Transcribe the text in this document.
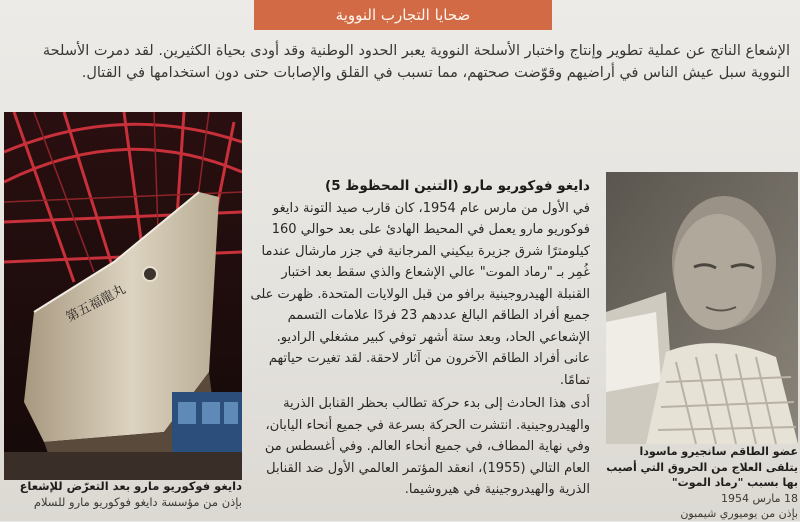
ضحايا التجارب النووية
الإشعاع الناتج عن عملية تطوير وإنتاج واختبار الأسلحة النووية يعبر الحدود الوطنية وقد أودى بحياة الكثيرين. لقد دمرت الأسلحة النووية سبل عيش الناس في أراضيهم وقوّضت صحتهم، مما تسبب في القلق والإصابات حتى دون استخدامها في القتال.
第五福龍丸
دايغو فوكوريو مارو (التنين المحظوظ 5)

في الأول من مارس عام 1954، كان قارب صيد التونة دايغو فوكوريو مارو يعمل في المحيط الهادئ على بعد حوالي 160 كيلومترًا شرق جزيرة بيكيني المرجانية في جزر مارشال عندما غُمِر بـ "رماد الموت" عالي الإشعاع والذي سقط بعد اختبار القنبلة الهيدروجينية برافو من قبل الولايات المتحدة. ظهرت على جميع أفراد الطاقم البالغ عددهم 23 فردًا علامات التسمم الإشعاعي الحاد، وبعد ستة أشهر توفي كبير مشغلي الراديو. عانى أفراد الطاقم الآخرون من آثار لاحقة. لقد تغيرت حياتهم تمامًا.

أدى هذا الحادث إلى بدء حركة تطالب بحظر القنابل الذرية والهيدروجينية. انتشرت الحركة بسرعة في جميع أنحاء اليابان، وفي نهاية المطاف، في جميع أنحاء العالم. وفي أغسطس من العام التالي (1955)، انعقد المؤتمر العالمي الأول ضد القنابل الذرية والهيدروجينية في هيروشيما.

دايغو فوكوريو مارو بعد التعرّض للإشعاع
بإذن من مؤسسة دايغو فوكوريو مارو للسلام
عضو الطاقم سانجيرو ماسودا يتلقى العلاج من الحروق التي أصيب بها بسبب "رماد الموت"
18 مارس 1954
بإذن من يوميوري شيمبون
